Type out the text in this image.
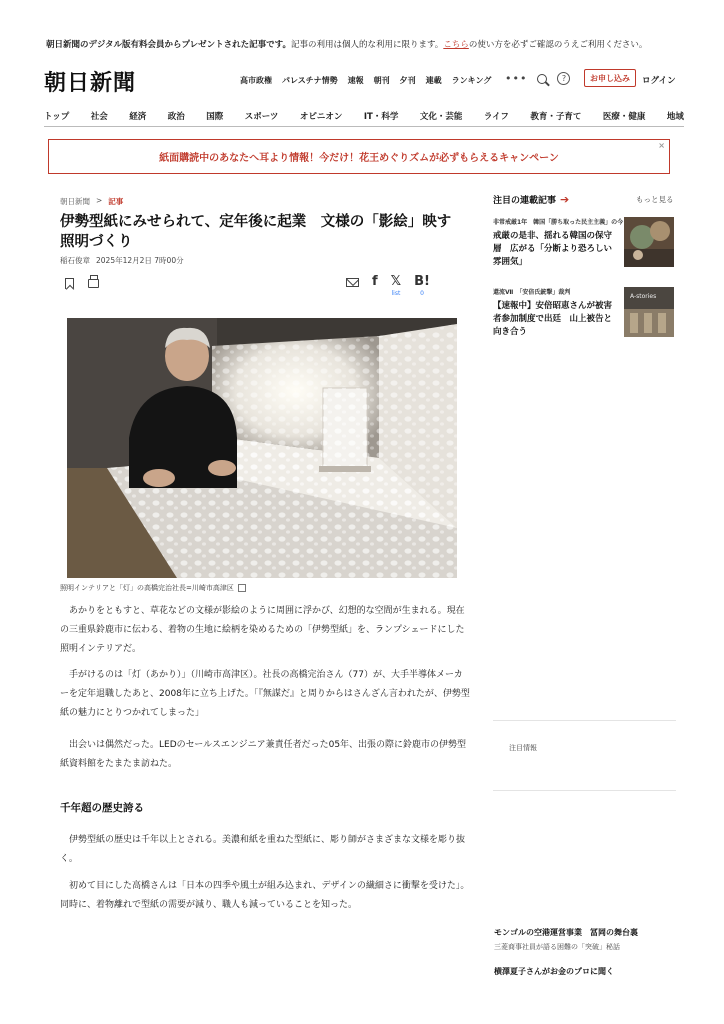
朝日新聞のデジタル版有料会員からプレゼントされた記事です。記事の利用は個人的な利用に限ります。こちらの使い方を必ずご確認のうえご利用ください。
朝日新聞	高市政権 パレスチナ情勢 速報 朝刊 夕刊 連載 ランキング •••	?	お申し込み	ログイン
トップ	社会	経済	政治	国際	スポーツ	オピニオン	IT・科学	文化・芸能	ライフ	教育・子育て	医療・健康	地域
紙面購読中のあなたへ耳より情報！今だけ！花王めぐりズムが必ずもらえるキャンペーン
×
朝日新聞 > 記事
伊勢型紙にみせられて、定年後に起業　文様の「影絵」映す照明づくり
稲石俊章 2025年12月2日 7時00分
f 𝕏
list
B!
0
照明インテリアと「灯」の高橋完治社長=川崎市高津区

あかりをともすと、草花などの文様が影絵のように周囲に浮かび、幻想的な空間が生まれる。現在の三重県鈴鹿市に伝わる、着物の生地に絵柄を染めるための「伊勢型紙」を、ランプシェードにした照明インテリアだ。

手がけるのは「灯（あかり）」（川崎市高津区）。社長の高橋完治さん（77）が、大手半導体メーカーを定年退職したあと、2008年に立ち上げた。「『無謀だ』と周りからはさんざん言われたが、伊勢型紙の魅力にとりつかれてしまった」

出会いは偶然だった。LEDのセールスエンジニア兼責任者だった05年、出張の際に鈴鹿市の伊勢型紙資料館をたまたま訪ねた。

千年超の歴史誇る

伊勢型紙の歴史は千年以上とされる。美濃和紙を重ねた型紙に、彫り師がさまざまな文様を彫り抜く。

初めて目にした高橋さんは「日本の四季や風土が組み込まれ、デザインの繊細さに衝撃を受けた」。同時に、着物離れで型紙の需要が減り、職人も減っていることを知った。

注目の連載記事 ➔	もっと見る
非常戒厳1年　韓国「勝ち取った民主主義」の今
戒厳の是非、揺れる韓国の保守層　広がる「分断より恐ろしい雰囲気」
還流Ⅶ　「安倍氏銃撃」裁判
【速報中】安倍昭恵さんが被害者参加制度で出廷　山上被告と向き合う
A-stories
注目情報
モンゴルの空港運営事業　冨岡の舞台裏
三菱商事社員が語る困難の「突破」秘話
横澤夏子さんがお金のプロに聞く
